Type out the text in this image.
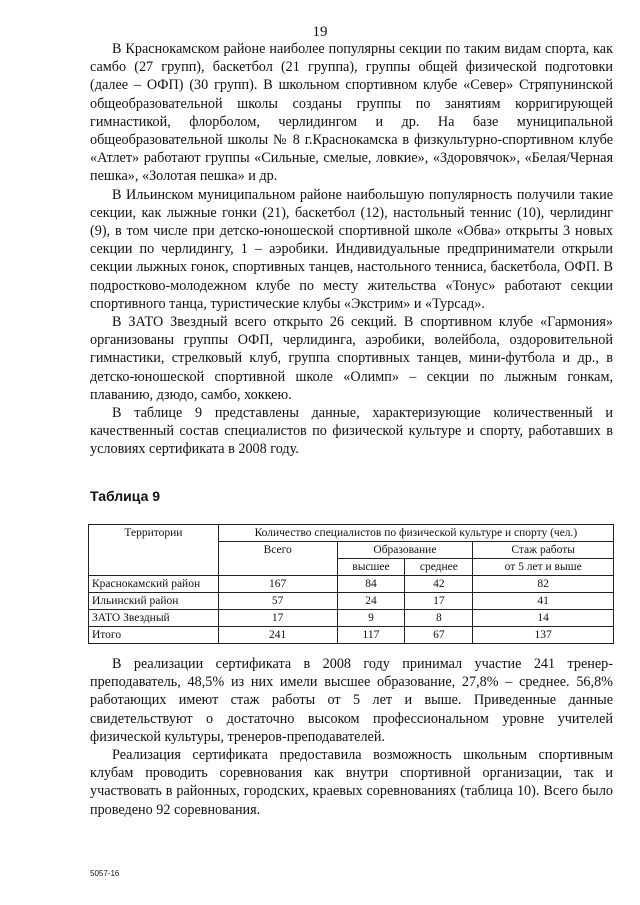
19

В Краснокамском районе наиболее популярны секции по таким видам спорта, как самбо (27 групп), баскетбол (21 группа), группы общей физической подготовки (далее – ОФП) (30 групп). В школьном спортивном клубе «Север» Стряпунинской общеобразовательной школы созданы группы по занятиям корригирующей гимнастикой, флорболом, черлидингом и др. На базе муниципальной общеобразовательной школы № 8 г.Краснокамска в физкультурно-спортивном клубе «Атлет» работают группы «Сильные, смелые, ловкие», «Здоровячок», «Белая/Черная пешка», «Золотая пешка» и др.

В Ильинском муниципальном районе наибольшую популярность получили такие секции, как лыжные гонки (21), баскетбол (12), настольный теннис (10), черлидинг (9), в том числе при детско-юношеской спортивной школе «Обва» открыты 3 новых секции по черлидингу, 1 – аэробики. Индивидуальные предприниматели открыли секции лыжных гонок, спортивных танцев, настольного тенниса, баскетбола, ОФП. В подростково-молодежном клубе по месту жительства «Тонус» работают секции спортивного танца, туристические клубы «Экстрим» и «Турсад».

В ЗАТО Звездный всего открыто 26 секций. В спортивном клубе «Гармония» организованы группы ОФП, черлидинга, аэробики, волейбола, оздоровительной гимнастики, стрелковый клуб, группа спортивных танцев, мини-футбола и др., в детско-юношеской спортивной школе «Олимп» – секции по лыжным гонкам, плаванию, дзюдо, самбо, хоккею.

В таблице 9 представлены данные, характеризующие количественный и качественный состав специалистов по физической культуре и спорту, работавших в условиях сертификата в 2008 году.

Таблица 9
Территории	Количество специалистов по физической культуре и спорту (чел.)			
	Всего	Образование		Стаж работы
		высшее	среднее	от 5 лет и выше
Краснокамский район	167	84	42	82
Ильинский район	57	24	17	41
ЗАТО Звездный	17	9	8	14
Итого	241	117	67	137

В реализации сертификата в 2008 году принимал участие 241 тренер-преподаватель, 48,5% из них имели высшее образование, 27,8% – среднее. 56,8% работающих имеют стаж работы от 5 лет и выше. Приведенные данные свидетельствуют о достаточно высоком профессиональном уровне учителей физической культуры, тренеров-преподавателей.

Реализация сертификата предоставила возможность школьным спортивным клубам проводить соревнования как внутри спортивной организации, так и участвовать в районных, городских, краевых соревнованиях (таблица 10). Всего было проведено 92 соревнования.

5057-16
